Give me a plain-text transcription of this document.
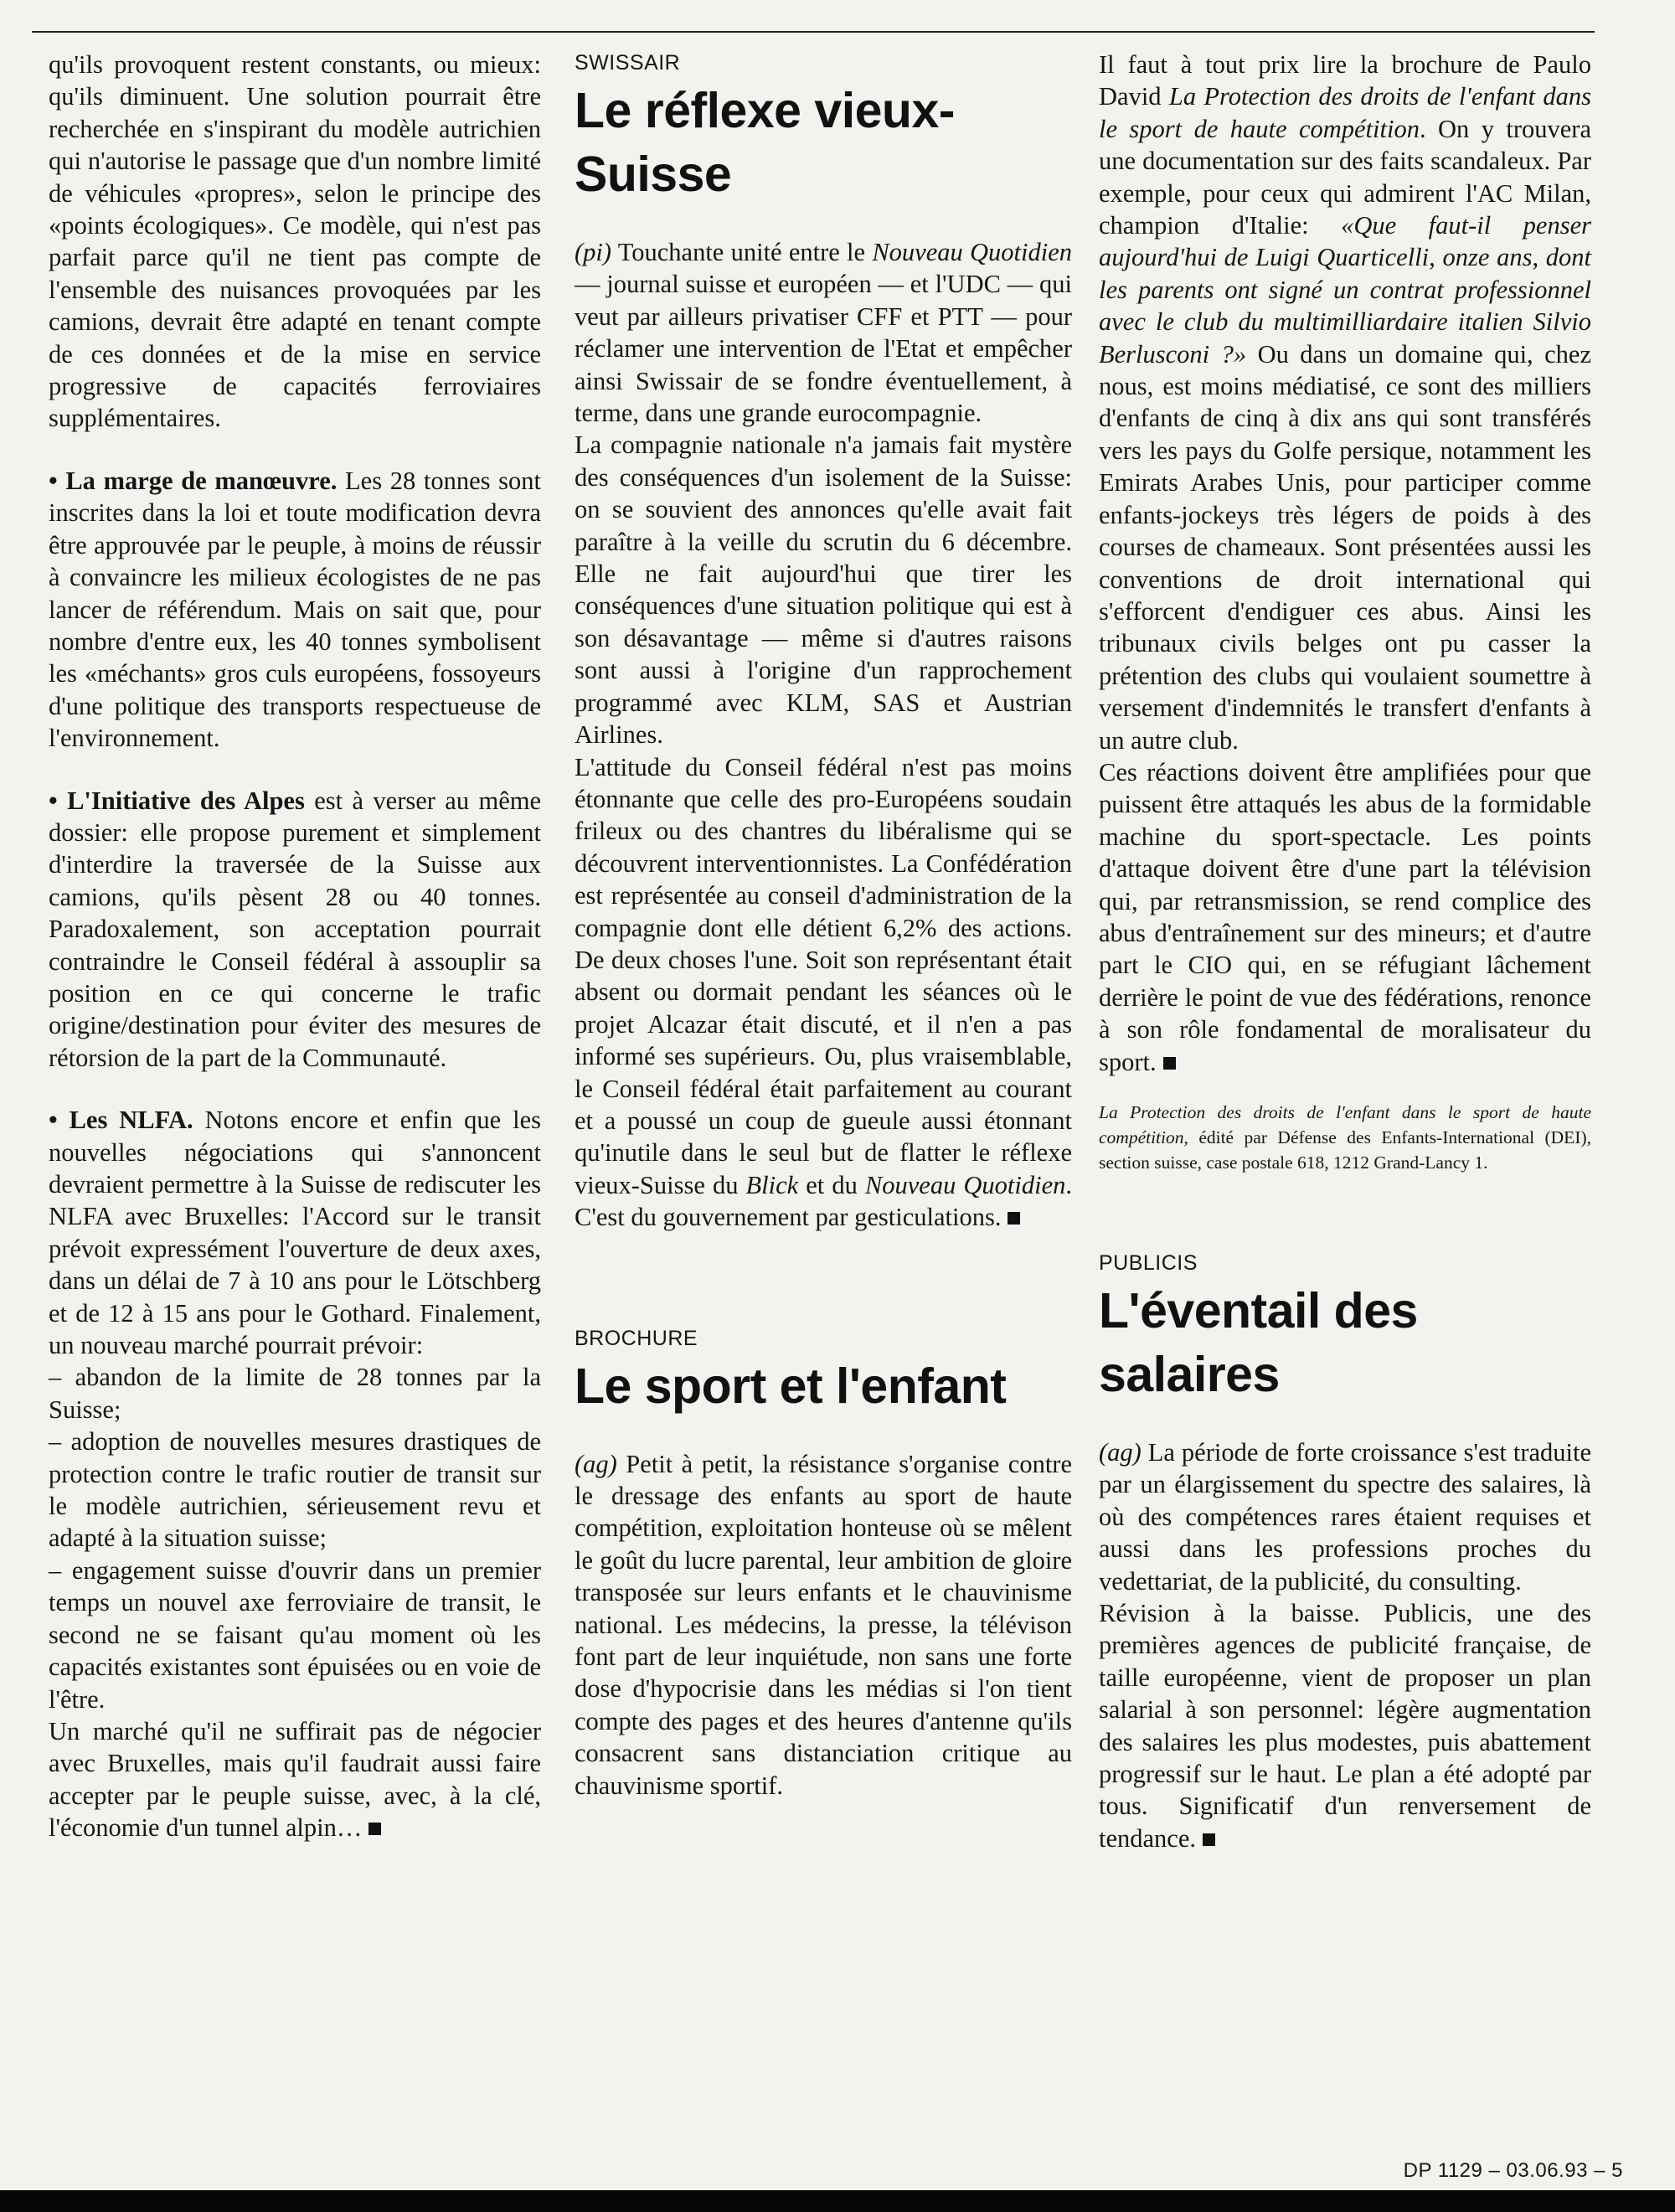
qu'ils provoquent restent constants, ou mieux: qu'ils diminuent. Une solution pourrait être recherchée en s'inspirant du modèle autrichien qui n'autorise le passage que d'un nombre limité de véhicules «propres», selon le principe des «points écologiques». Ce modèle, qui n'est pas parfait parce qu'il ne tient pas compte de l'ensemble des nuisances provoquées par les camions, devrait être adapté en tenant compte de ces données et de la mise en service progressive de capacités ferroviaires supplémentaires.

• La marge de manœuvre. Les 28 tonnes sont inscrites dans la loi et toute modification devra être approuvée par le peuple, à moins de réussir à convaincre les milieux écologistes de ne pas lancer de référendum. Mais on sait que, pour nombre d'entre eux, les 40 tonnes symbolisent les «méchants» gros culs européens, fossoyeurs d'une politique des transports respectueuse de l'environnement.

• L'Initiative des Alpes est à verser au même dossier: elle propose purement et simplement d'interdire la traversée de la Suisse aux camions, qu'ils pèsent 28 ou 40 tonnes. Paradoxalement, son acceptation pourrait contraindre le Conseil fédéral à assouplir sa position en ce qui concerne le trafic origine/destination pour éviter des mesures de rétorsion de la part de la Communauté.

• Les NLFA. Notons encore et enfin que les nouvelles négociations qui s'annoncent devraient permettre à la Suisse de rediscuter les NLFA avec Bruxelles: l'Accord sur le transit prévoit expressément l'ouverture de deux axes, dans un délai de 7 à 10 ans pour le Lötschberg et de 12 à 15 ans pour le Gothard. Finalement, un nouveau marché pourrait prévoir:

– abandon de la limite de 28 tonnes par la Suisse;

– adoption de nouvelles mesures drastiques de protection contre le trafic routier de transit sur le modèle autrichien, sérieusement revu et adapté à la situation suisse;

– engagement suisse d'ouvrir dans un premier temps un nouvel axe ferroviaire de transit, le second ne se faisant qu'au moment où les capacités existantes sont épuisées ou en voie de l'être.

Un marché qu'il ne suffirait pas de négocier avec Bruxelles, mais qu'il faudrait aussi faire accepter par le peuple suisse, avec, à la clé, l'économie d'un tunnel alpin…

SWISSAIR
Le réflexe vieux-Suisse

(pi) Touchante unité entre le Nouveau Quotidien — journal suisse et européen — et l'UDC — qui veut par ailleurs privatiser CFF et PTT — pour réclamer une intervention de l'Etat et empêcher ainsi Swissair de se fondre éventuellement, à terme, dans une grande eurocompagnie.

La compagnie nationale n'a jamais fait mystère des conséquences d'un isolement de la Suisse: on se souvient des annonces qu'elle avait fait paraître à la veille du scrutin du 6 décembre. Elle ne fait aujourd'hui que tirer les conséquences d'une situation politique qui est à son désavantage — même si d'autres raisons sont aussi à l'origine d'un rapprochement programmé avec KLM, SAS et Austrian Airlines.

L'attitude du Conseil fédéral n'est pas moins étonnante que celle des pro-Européens soudain frileux ou des chantres du libéralisme qui se découvrent interventionnistes. La Confédération est représentée au conseil d'administration de la compagnie dont elle détient 6,2% des actions. De deux choses l'une. Soit son représentant était absent ou dormait pendant les séances où le projet Alcazar était discuté, et il n'en a pas informé ses supérieurs. Ou, plus vraisemblable, le Conseil fédéral était parfaitement au courant et a poussé un coup de gueule aussi étonnant qu'inutile dans le seul but de flatter le réflexe vieux-Suisse du Blick et du Nouveau Quotidien. C'est du gouvernement par gesticulations.

BROCHURE
Le sport et l'enfant

(ag) Petit à petit, la résistance s'organise contre le dressage des enfants au sport de haute compétition, exploitation honteuse où se mêlent le goût du lucre parental, leur ambition de gloire transposée sur leurs enfants et le chauvinisme national. Les médecins, la presse, la télévison font part de leur inquiétude, non sans une forte dose d'hypocrisie dans les médias si l'on tient compte des pages et des heures d'antenne qu'ils consacrent sans distanciation critique au chauvinisme sportif.

Il faut à tout prix lire la brochure de Paulo David La Protection des droits de l'enfant dans le sport de haute compétition. On y trouvera une documentation sur des faits scandaleux. Par exemple, pour ceux qui admirent l'AC Milan, champion d'Italie: «Que faut-il penser aujourd'hui de Luigi Quarticelli, onze ans, dont les parents ont signé un contrat professionnel avec le club du multimilliardaire italien Silvio Berlusconi ?» Ou dans un domaine qui, chez nous, est moins médiatisé, ce sont des milliers d'enfants de cinq à dix ans qui sont transférés vers les pays du Golfe persique, notamment les Emirats Arabes Unis, pour participer comme enfants-jockeys très légers de poids à des courses de chameaux. Sont présentées aussi les conventions de droit international qui s'efforcent d'endiguer ces abus. Ainsi les tribunaux civils belges ont pu casser la prétention des clubs qui voulaient soumettre à versement d'indemnités le transfert d'enfants à un autre club.

Ces réactions doivent être amplifiées pour que puissent être attaqués les abus de la formidable machine du sport-spectacle. Les points d'attaque doivent être d'une part la télévision qui, par retransmission, se rend complice des abus d'entraînement sur des mineurs; et d'autre part le CIO qui, en se réfugiant lâchement derrière le point de vue des fédérations, renonce à son rôle fondamental de moralisateur du sport.

La Protection des droits de l'enfant dans le sport de haute compétition, édité par Défense des Enfants-International (DEI), section suisse, case postale 618, 1212 Grand-Lancy 1.
PUBLICIS
L'éventail des salaires

(ag) La période de forte croissance s'est traduite par un élargissement du spectre des salaires, là où des compétences rares étaient requises et aussi dans les professions proches du vedettariat, de la publicité, du consulting.

Révision à la baisse. Publicis, une des premières agences de publicité française, de taille européenne, vient de proposer un plan salarial à son personnel: légère augmentation des salaires les plus modestes, puis abattement progressif sur le haut. Le plan a été adopté par tous. Significatif d'un renversement de tendance.

DP 1129 – 03.06.93 – 5
